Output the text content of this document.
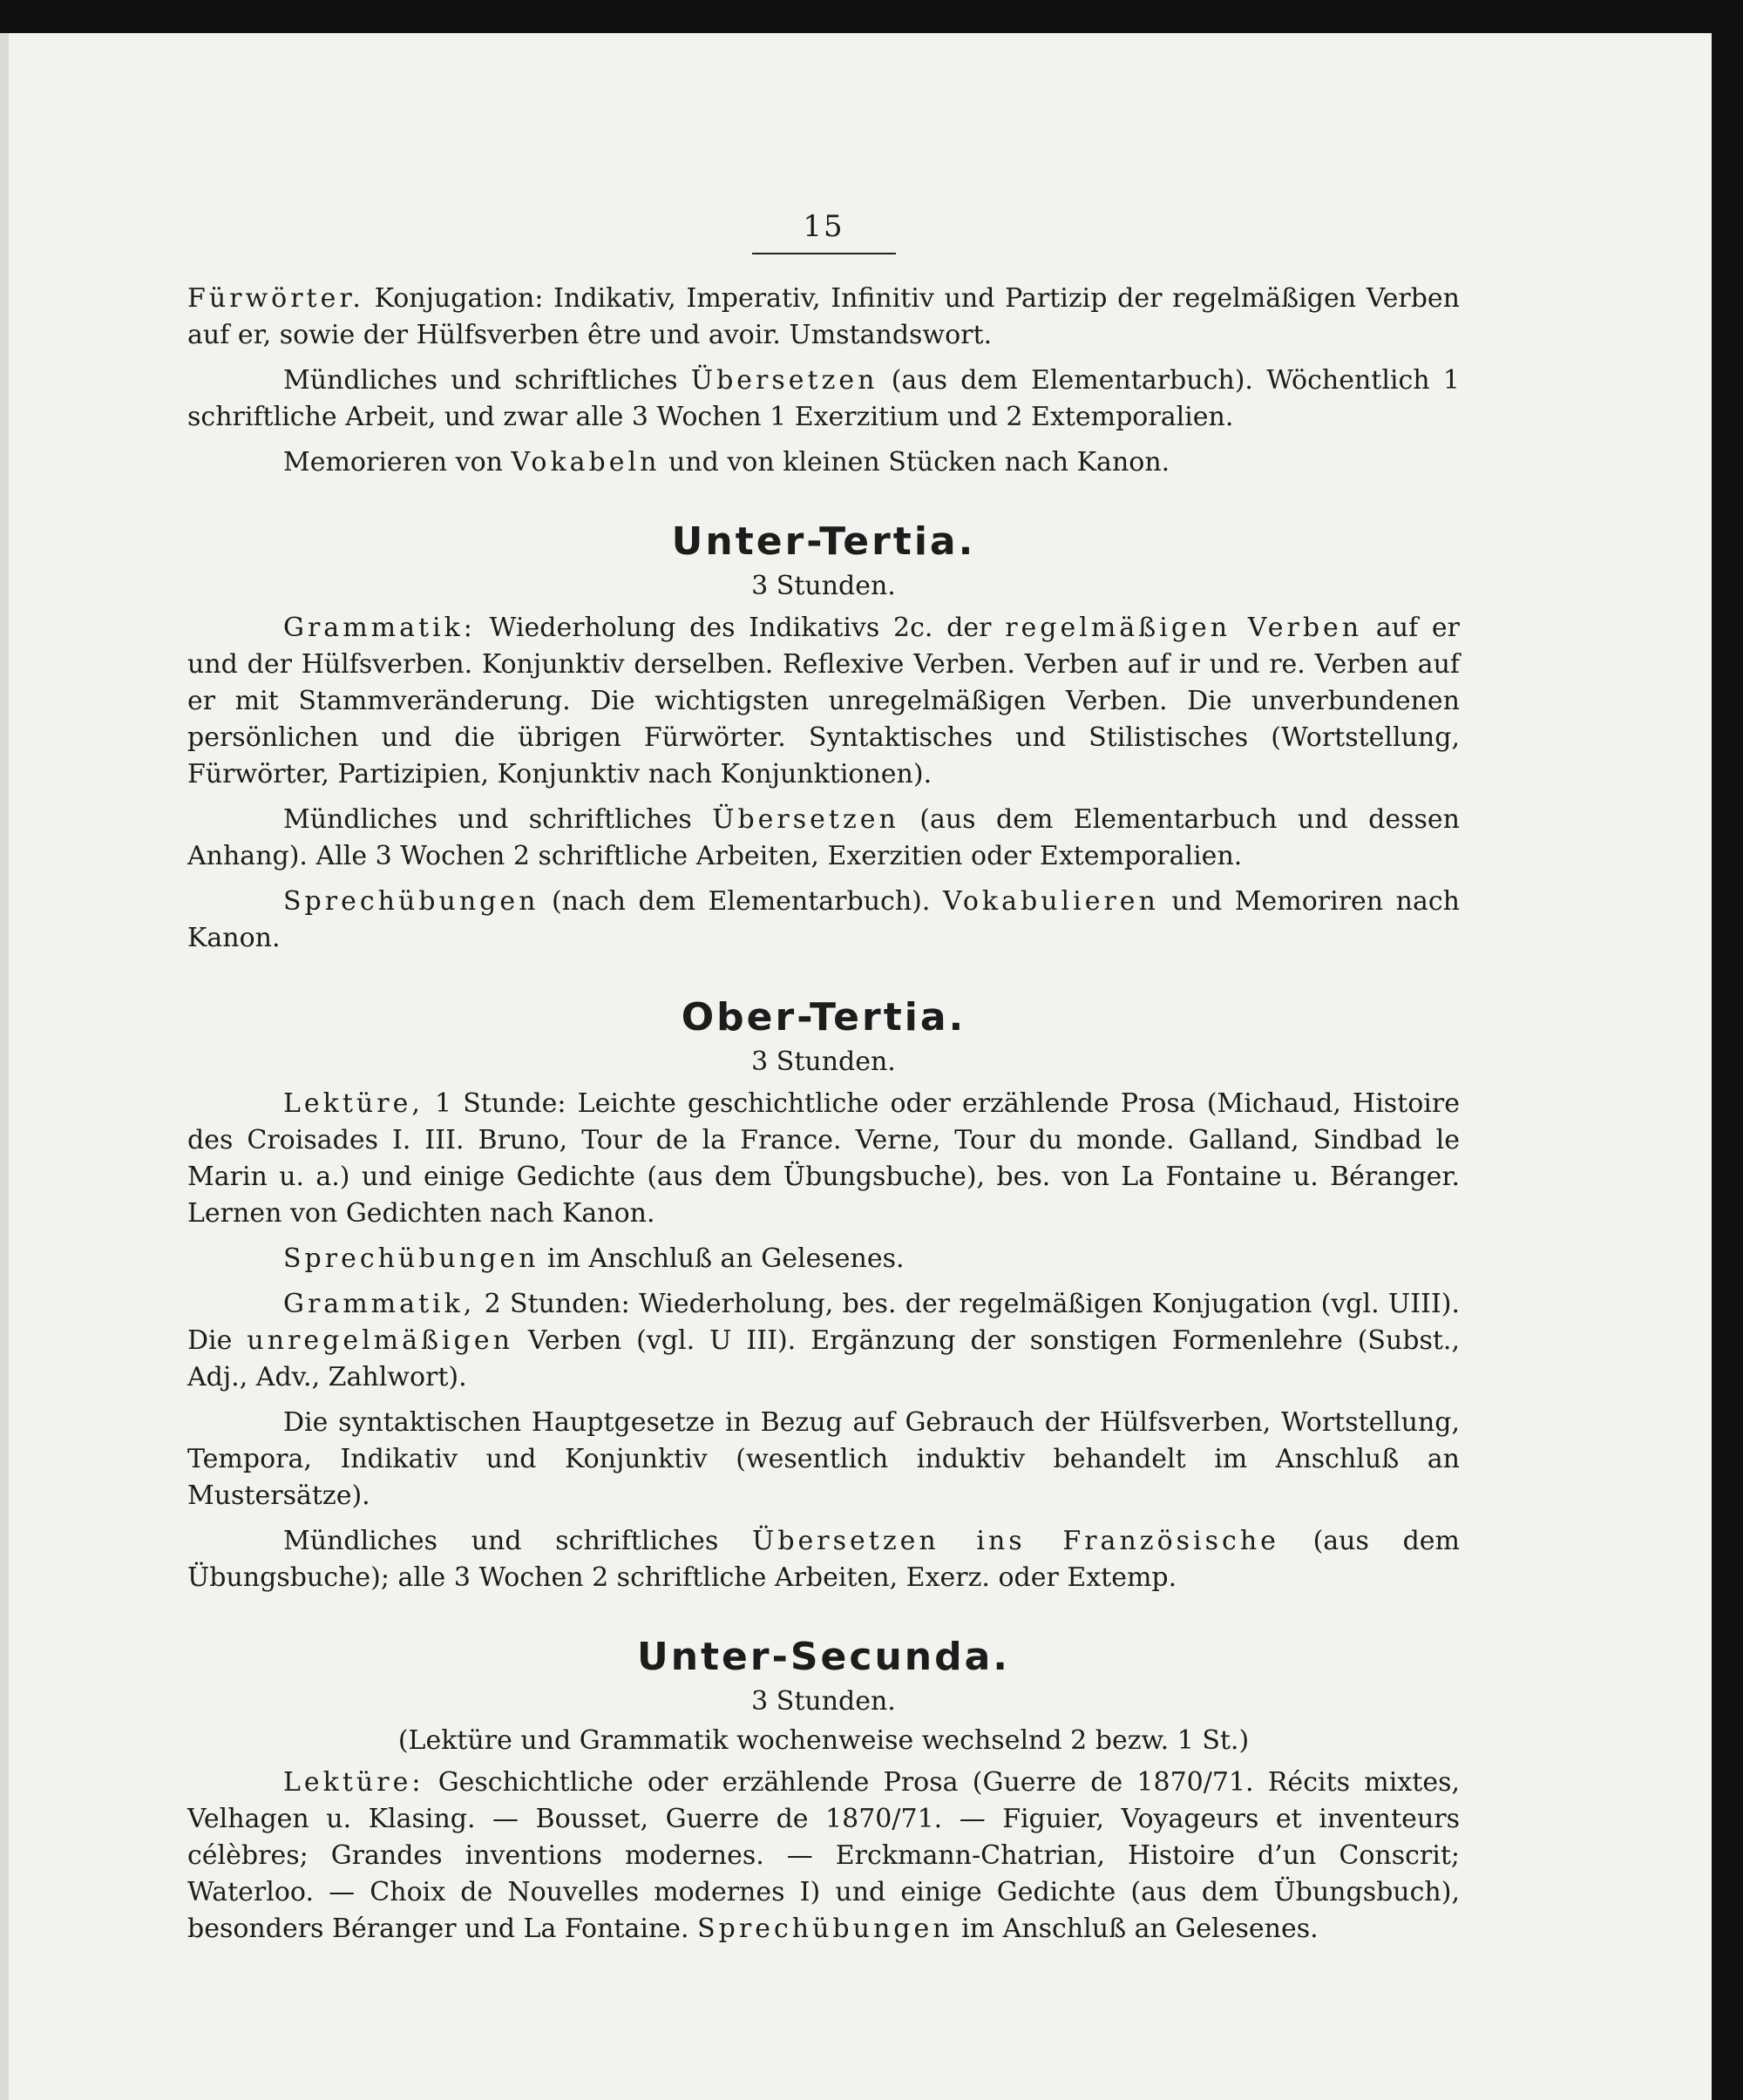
15

Fürwörter. Konjugation: Indikativ, Imperativ, Infinitiv und Partizip der regelmäßigen Verben auf er, sowie der Hülfsverben être und avoir. Umstandswort.

Mündliches und schriftliches Übersetzen (aus dem Elementarbuch). Wöchentlich 1 schriftliche Arbeit, und zwar alle 3 Wochen 1 Exerzitium und 2 Extemporalien.

Memorieren von Vokabeln und von kleinen Stücken nach Kanon.

Unter-Tertia.
3 Stunden.

Grammatik: Wiederholung des Indikativs 2c. der regelmäßigen Verben auf er und der Hülfsverben. Konjunktiv derselben. Reflexive Verben. Verben auf ir und re. Verben auf er mit Stammveränderung. Die wichtigsten unregelmäßigen Verben. Die unverbundenen persönlichen und die übrigen Fürwörter. Syntaktisches und Stilistisches (Wortstellung, Fürwörter, Partizipien, Konjunktiv nach Konjunktionen).

Mündliches und schriftliches Übersetzen (aus dem Elementarbuch und dessen Anhang). Alle 3 Wochen 2 schriftliche Arbeiten, Exerzitien oder Extemporalien.

Sprechübungen (nach dem Elementarbuch). Vokabulieren und Memoriren nach Kanon.

Ober-Tertia.
3 Stunden.

Lektüre, 1 Stunde: Leichte geschichtliche oder erzählende Prosa (Michaud, Histoire des Croisades I. III. Bruno, Tour de la France. Verne, Tour du monde. Galland, Sindbad le Marin u. a.) und einige Gedichte (aus dem Übungsbuche), bes. von La Fontaine u. Béranger. Lernen von Gedichten nach Kanon.

Sprechübungen im Anschluß an Gelesenes.

Grammatik, 2 Stunden: Wiederholung, bes. der regelmäßigen Konjugation (vgl. UIII). Die unregelmäßigen Verben (vgl. U III). Ergänzung der sonstigen Formenlehre (Subst., Adj., Adv., Zahlwort).

Die syntaktischen Hauptgesetze in Bezug auf Gebrauch der Hülfsverben, Wortstellung, Tempora, Indikativ und Konjunktiv (wesentlich induktiv behandelt im Anschluß an Mustersätze).

Mündliches und schriftliches Übersetzen ins Französische (aus dem Übungsbuche); alle 3 Wochen 2 schriftliche Arbeiten, Exerz. oder Extemp.

Unter-Secunda.
3 Stunden.
(Lektüre und Grammatik wochenweise wechselnd 2 bezw. 1 St.)

Lektüre: Geschichtliche oder erzählende Prosa (Guerre de 1870/71. Récits mixtes, Velhagen u. Klasing. — Bousset, Guerre de 1870/71. — Figuier, Voyageurs et inventeurs célèbres; Grandes inventions modernes. — Erckmann-Chatrian, Histoire d’un Conscrit; Waterloo. — Choix de Nouvelles modernes I) und einige Gedichte (aus dem Übungsbuch), besonders Béranger und La Fontaine. Sprechübungen im Anschluß an Gelesenes.
